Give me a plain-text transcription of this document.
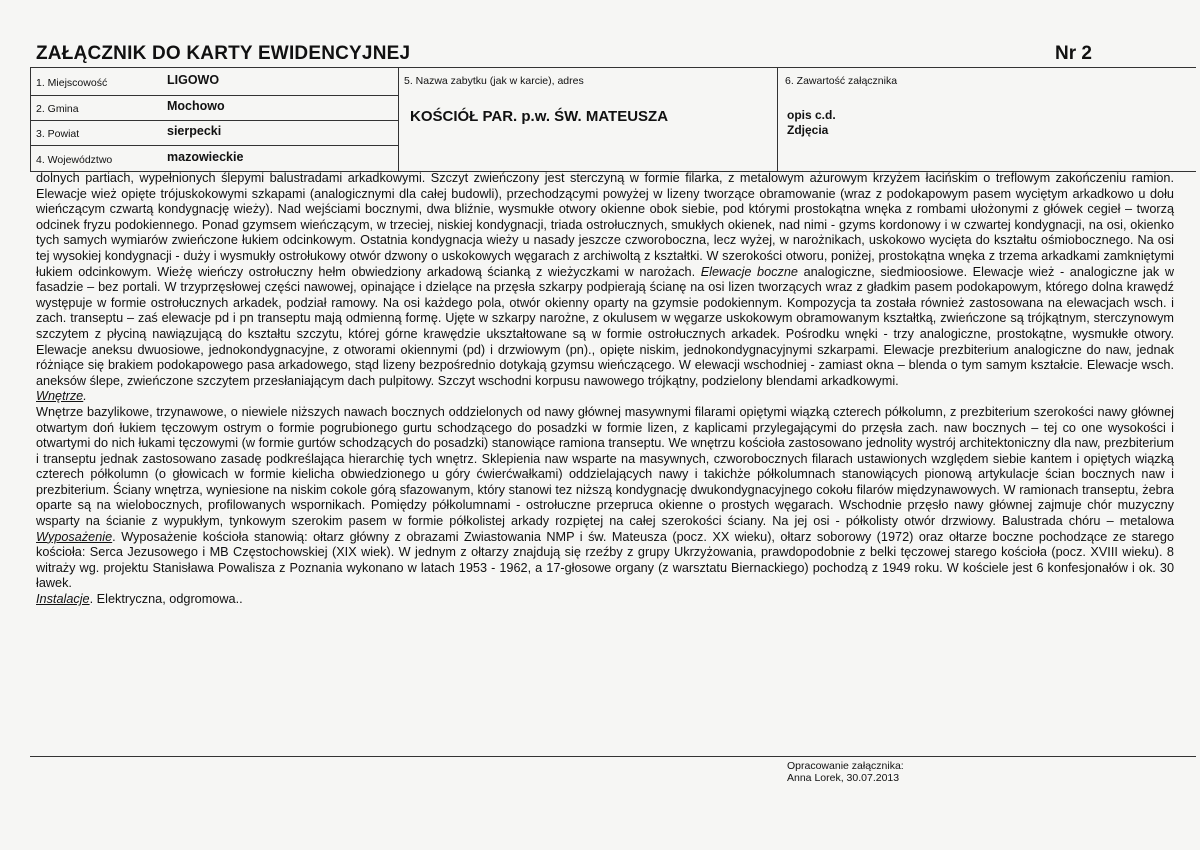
ZAŁĄCZNIK DO KARTY EWIDENCYJNEJ	Nr 2
1. Miejscowość	LIGOWO
2. Gmina	Mochowo
3. Powiat	sierpecki
4. Województwo	mazowieckie
5. Nazwa zabytku (jak w karcie), adres
KOŚCIÓŁ PAR. p.w. ŚW. MATEUSZA
6. Zawartość załącznika
opis c.d.
Zdjęcia

dolnych partiach, wypełnionych ślepymi balustradami arkadkowymi. Szczyt zwieńczony jest sterczyną w formie filarka, z metalowym ażurowym krzyżem łacińskim o treflowym zakończeniu ramion. Elewacje wież opięte trójuskokowymi szkapami (analogicznymi dla całej budowli), przechodzącymi powyżej w lizeny tworzące obramowanie (wraz z podokapowym pasem wyciętym arkadkowo u dołu wieńczącym czwartą kondygnację wieży). Nad wejściami bocznymi, dwa bliźnie, wysmukłe otwory okienne obok siebie, pod którymi prostokątna wnęka z rombami ułożonymi z główek cegieł – tworzą odcinek fryzu podokiennego. Ponad gzymsem wieńczącym, w trzeciej, niskiej kondygnacji, triada ostrołucznych, smukłych okienek, nad nimi - gzyms kordonowy i w czwartej kondygnacji, na osi, okienko tych samych wymiarów zwieńczone łukiem odcinkowym. Ostatnia kondygnacja wieży u nasady jeszcze czworoboczna, lecz wyżej, w narożnikach, uskokowo wycięta do kształtu ośmiobocznego. Na osi tej wysokiej kondygnacji - duży i wysmukły ostrołukowy otwór dzwony o uskokowych węgarach z archiwoltą z kształtki. W szerokości otworu, poniżej, prostokątna wnęka z trzema arkadkami zamkniętymi łukiem odcinkowym. Wieżę wieńczy ostrołuczny hełm obwiedziony arkadową ścianką z wieżyczkami w narożach. Elewacje boczne analogiczne, siedmioosiowe. Elewacje wież - analogiczne jak w fasadzie – bez portali. W trzyprzęsłowej części nawowej, opinające i dzielące na przęsła szkarpy podpierają ścianę na osi lizen tworzących wraz z gładkim pasem podokapowym, którego dolna krawędź występuje w formie ostrołucznych arkadek, podział ramowy. Na osi każdego pola, otwór okienny oparty na gzymsie podokiennym. Kompozycja ta została również zastosowana na elewacjach wsch. i zach. transeptu – zaś elewacje pd i pn transeptu mają odmienną formę. Ujęte w szkarpy narożne, z okulusem w węgarze uskokowym obramowanym kształtką, zwieńczone są trójkątnym, sterczynowym szczytem z płyciną nawiązującą do kształtu szczytu, której górne krawędzie ukształtowane są w formie ostrołucznych arkadek. Pośrodku wnęki - trzy analogiczne, prostokątne, wysmukłe otwory. Elewacje aneksu dwuosiowe, jednokondygnacyjne, z otworami okiennymi (pd) i drzwiowym (pn)., opięte niskim, jednokondygnacyjnymi szkarpami. Elewacje prezbiterium analogiczne do naw, jednak różniące się brakiem podokapowego pasa arkadowego, stąd lizeny bezpośrednio dotykają gzymsu wieńczącego. W elewacji wschodniej - zamiast okna – blenda o tym samym kształcie. Elewacje wsch. aneksów ślepe, zwieńczone szczytem przesłaniającym dach pulpitowy. Szczyt wschodni korpusu nawowego trójkątny, podzielony blendami arkadkowymi.

Wnętrze.

Wnętrze bazylikowe, trzynawowe, o niewiele niższych nawach bocznych oddzielonych od nawy głównej masywnymi filarami opiętymi wiązką czterech półkolumn, z prezbiterium szerokości nawy głównej otwartym doń łukiem tęczowym ostrym o formie pogrubionego gurtu schodzącego do posadzki w formie lizen, z kaplicami przylegającymi do przęsła zach. naw bocznych – tej co one wysokości i otwartymi do nich łukami tęczowymi (w formie gurtów schodzących do posadzki) stanowiące ramiona transeptu. We wnętrzu kościoła zastosowano jednolity wystrój architektoniczny dla naw, prezbiterium i transeptu jednak zastosowano zasadę podkreślająca hierarchię tych wnętrz. Sklepienia naw wsparte na masywnych, czworobocznych filarach ustawionych względem siebie kantem i opiętych wiązką czterech półkolumn (o głowicach w formie kielicha obwiedzionego u góry ćwierćwałkami) oddzielających nawy i takichże półkolumnach stanowiących pionową artykulacje ścian bocznych naw i prezbiterium. Ściany wnętrza, wyniesione na niskim cokole górą sfazowanym, który stanowi tez niższą kondygnację dwukondygnacyjnego cokołu filarów międzynawowych. W ramionach transeptu, żebra oparte są na wielobocznych, profilowanych wspornikach. Pomiędzy półkolumnami - ostrołuczne przepruca okienne o prostych węgarach. Wschodnie przęsło nawy głównej zajmuje chór muzyczny wsparty na ścianie z wypukłym, tynkowym szerokim pasem w formie półkolistej arkady rozpiętej na całej szerokości ściany. Na jej osi - półkolisty otwór drzwiowy. Balustrada chóru – metalowa Wyposażenie. Wyposażenie kościoła stanowią: ołtarz główny z obrazami Zwiastowania NMP i św. Mateusza (pocz. XX wieku), ołtarz soborowy (1972) oraz ołtarze boczne pochodzące ze starego kościoła: Serca Jezusowego i MB Częstochowskiej (XIX wiek). W jednym z ołtarzy znajdują się rzeźby z grupy Ukrzyżowania, prawdopodobnie z belki tęczowej starego kościoła (pocz. XVIII wieku). 8 witraży wg. projektu Stanisława Powalisza z Poznania wykonano w latach 1953 - 1962, a 17-głosowe organy (z warsztatu Biernackiego) pochodzą z 1949 roku. W kościele jest 6 konfesjonałów i ok. 30 ławek.

Instalacje. Elektryczna, odgromowa..

Opracowanie załącznika:
Anna Lorek, 30.07.2013
